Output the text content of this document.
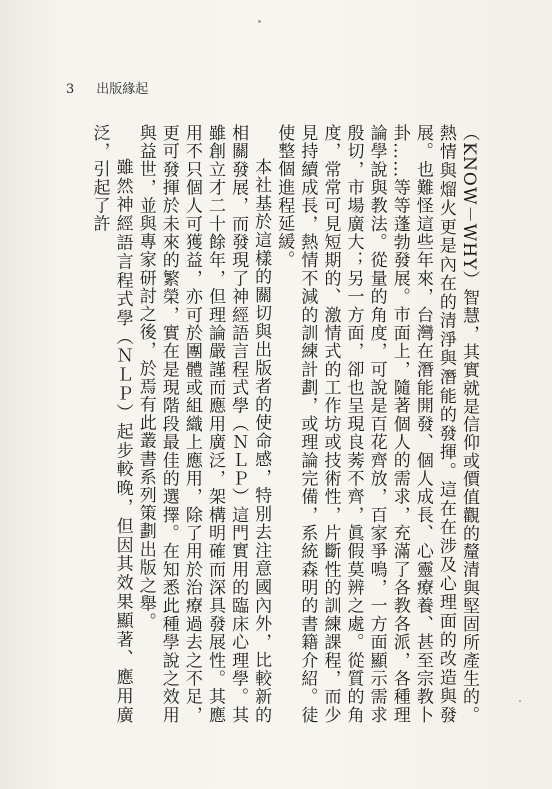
3 出版緣起

（KNOW－WHY）智慧，其實就是信仰或價值觀的釐清與堅固所產生的。熱情與熘火更是內在的清淨與潛能的發揮。這在在涉及心理面的改造與發展。也難怪這些年來，台灣在潛能開發、個人成長、心靈療養、甚至宗教卜卦……等等蓬勃發展。市面上，隨著個人的需求，充滿了各教各派，各種理論學說與教法。從量的角度，可說是百花齊放，百家爭鳴，一方面顯示需求殷切，市場廣大；另一方面，卻也呈現良莠不齊，眞假莫辨之處。從質的角度，常常可見短期的、激情式的工作坊或技術性，片斷性的訓練課程，而少見持續成長，熱情不減的訓練計劃，或理論完備，系統森明的書籍介紹。徒使整個進程延緩。

本社基於這樣的關切與出版者的使命感，特別去注意國內外，比較新的相關發展，而發現了神經語言程式學（ＮＬＰ）這門實用的臨床心理學。其雖創立才二十餘年，但理論嚴謹而應用廣泛，架構明確而深具發展性。其應用不只個人可獲益，亦可於團體或組織上應用，除了用於治療過去之不足，更可發揮於未來的繁榮，實在是現階段最佳的選擇。在知悉此種學說之效用與益世，並與專家研討之後，於焉有此叢書系列策劃出版之舉。

雖然神經語言程式學（ＮＬＰ）起步較晚，但因其效果顯著、應用廣泛，引起了許
